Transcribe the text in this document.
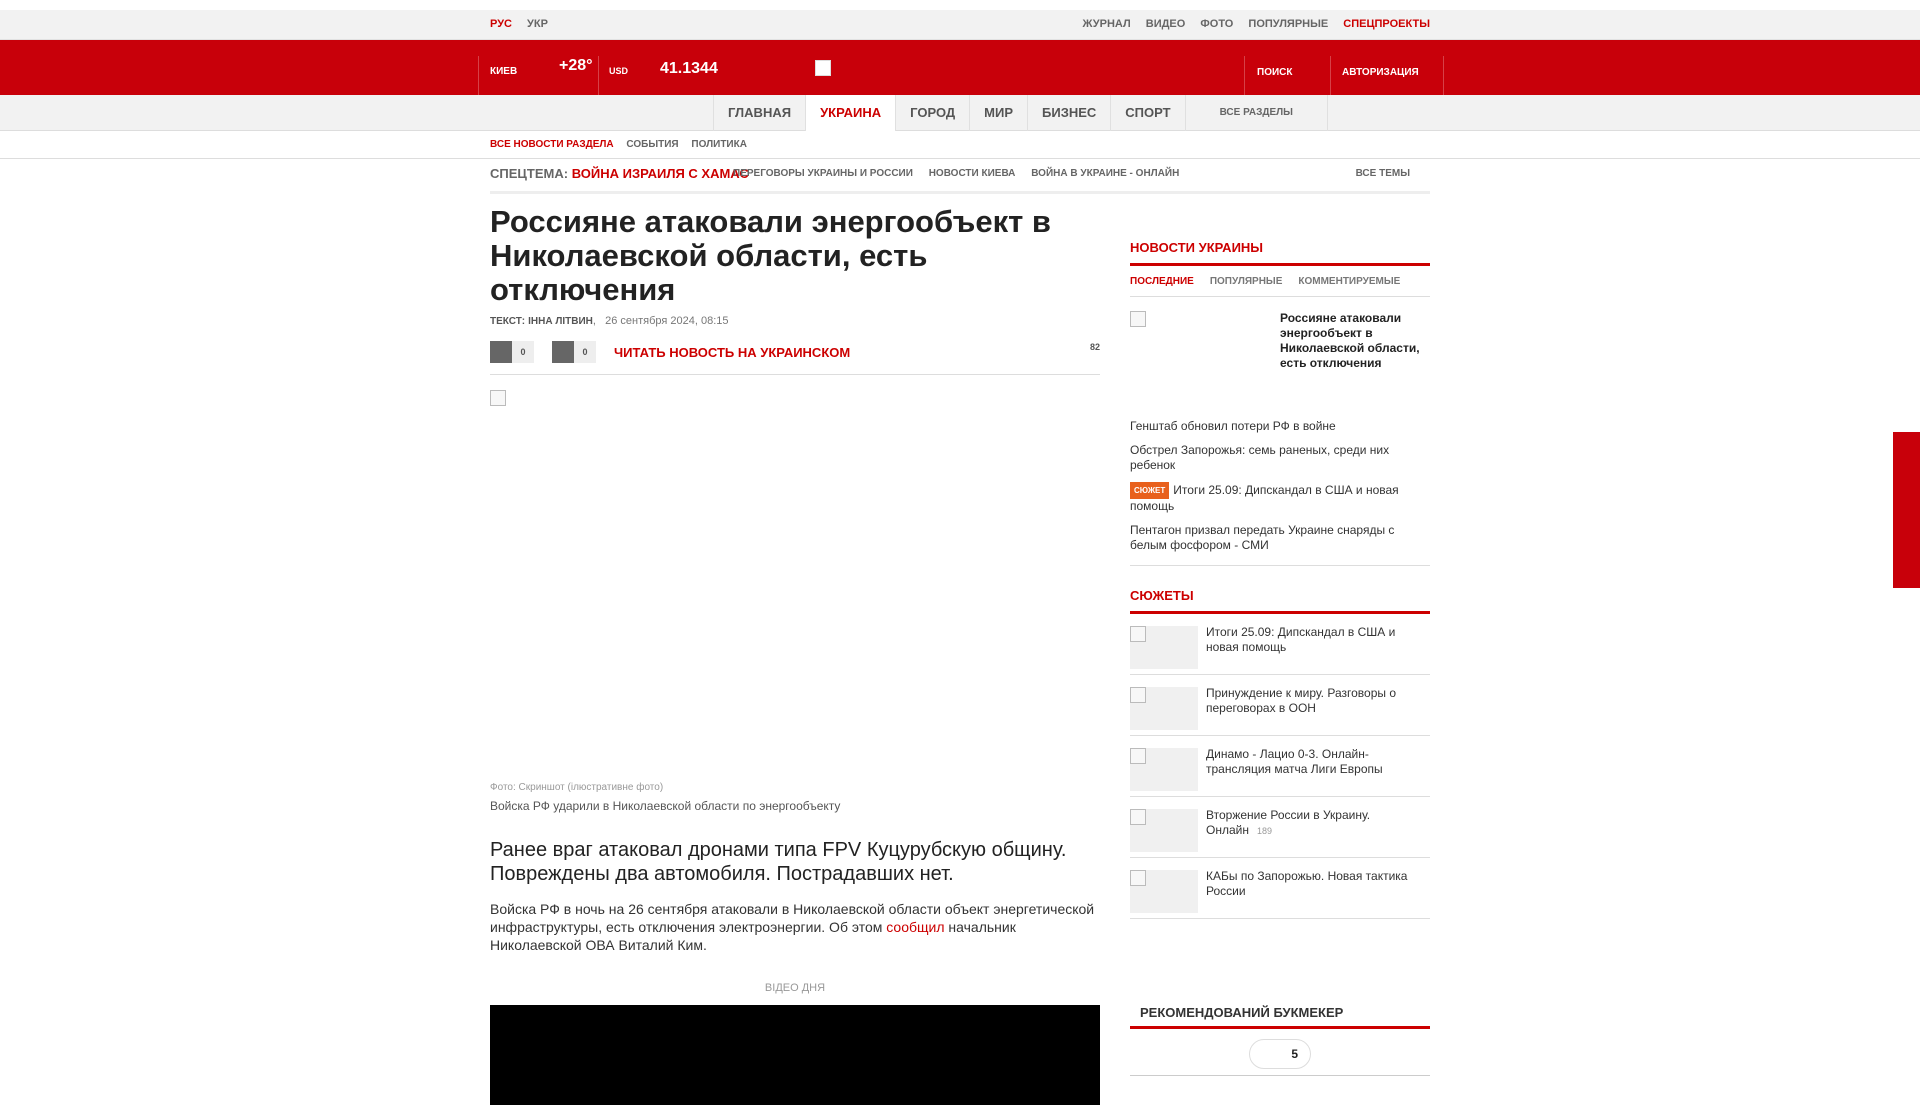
РУС УКР	ЖУРНАЛ ВИДЕО ФОТО ПОПУЛЯРНЫЕ СПЕЦПРОЕКТЫ
КИЕВ	+28° USD 41.1344	ПОИСК	АВТОРИЗАЦИЯ
ГЛАВНАЯ	УКРАИНА	ГОРОД	МИР	БИЗНЕС	СПОРТ	ВСЕ РАЗДЕЛЫ
ВСЕ НОВОСТИ РАЗДЕЛА СОБЫТИЯ ПОЛИТИКА
СПЕЦТЕМА: ВОЙНА ИЗРАИЛЯ С ХАМАС
ПЕРЕГОВОРЫ УКРАИНЫ И РОССИИ НОВОСТИ КИЕВА ВОЙНА В УКРАИНЕ - ОНЛАЙН	ВСЕ ТЕМЫ
Россияне атаковали энергообъект в Николаевской области, есть отключения
ТЕКСТ: ІННА ЛІТВИН,   26 сентября 2024, 08:15
0	0	ЧИТАТЬ НОВОСТЬ НА УКРАИНСКОМ	82
Фото: Скриншот (ілюстративне фото)
Войска РФ ударили в Николаевской области по энергообъекту
Ранее враг атаковал дронами типа FPV Куцурубскую общину. Повреждены два автомобиля. Пострадавших нет.
Войска РФ в ночь на 26 сентября атаковали в Николаевской области объект энергетической инфраструктуры, есть отключения электроэнергии. Об этом сообщил начальник Николаевской ОВА Виталий Ким.
ВІДЕО ДНЯ
НОВОСТИ УКРАИНЫ
ПОСЛЕДНИЕ ПОПУЛЯРНЫЕ КОММЕНТИРУЕМЫЕ
Россияне атаковали энергообъект в Николаевской области, есть отключения
Генштаб обновил потери РФ в войне
Обстрел Запорожья: семь раненых, среди них ребенок
СЮЖЕТ Итоги 25.09: Дипскандал в США и новая помощь
Пентагон призвал передать Украине снаряды с белым фосфором - СМИ
СЮЖЕТЫ
Итоги 25.09: Дипскандал в США и новая помощь
Принуждение к миру. Разговоры о переговорах в ООН
Динамо - Лацио 0-3. Онлайн-трансляция матча Лиги Европы
Вторжение России в Украину. Онлайн 189
КАБы по Запорожью. Новая тактика России
РЕКОМЕНДОВАНИЙ БУКМЕКЕР
5
